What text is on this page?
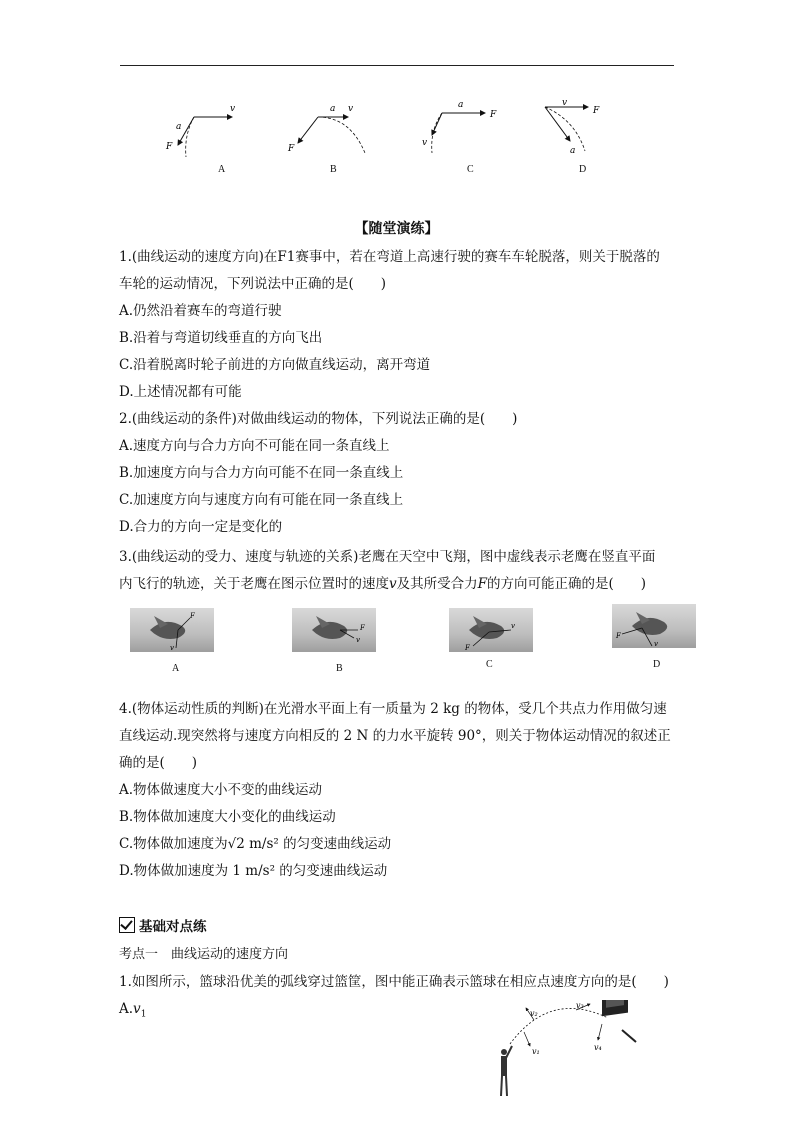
v
a
F
v
a
F
F
a
v
v
F
a
A	B	C	D
【随堂演练】
1.(曲线运动的速度方向)在F1赛事中，若在弯道上高速行驶的赛车车轮脱落，则关于脱落的
车轮的运动情况，下列说法中正确的是(　　)
A.仍然沿着赛车的弯道行驶
B.沿着与弯道切线垂直的方向飞出
C.沿着脱离时轮子前进的方向做直线运动，离开弯道
D.上述情况都有可能
2.(曲线运动的条件)对做曲线运动的物体，下列说法正确的是(　　)
A.速度方向与合力方向不可能在同一条直线上
B.加速度方向与合力方向可能不在同一条直线上
C.加速度方向与速度方向有可能在同一条直线上
D.合力的方向一定是变化的
3.(曲线运动的受力、速度与轨迹的关系)老鹰在天空中飞翔，图中虚线表示老鹰在竖直平面
内飞行的轨迹，关于老鹰在图示位置时的速度v及其所受合力F的方向可能正确的是(　　)
F
v
F
v
F
v
F
v
A	B	C	D
4.(物体运动性质的判断)在光滑水平面上有一质量为 2 kg 的物体，受几个共点力作用做匀速
直线运动.现突然将与速度方向相反的 2 N 的力水平旋转 90°，则关于物体运动情况的叙述正
确的是(　　)
A.物体做速度大小不变的曲线运动
B.物体做加速度大小变化的曲线运动
C.物体做加速度为√2 m/s² 的匀变速曲线运动
D.物体做加速度为 1 m/s² 的匀变速曲线运动
基础对点练
考点一　曲线运动的速度方向
1.如图所示，篮球沿优美的弧线穿过篮筐，图中能正确表示篮球在相应点速度方向的是(　　)
$A.v_1$
v₁
v₂
v₃
v₄
